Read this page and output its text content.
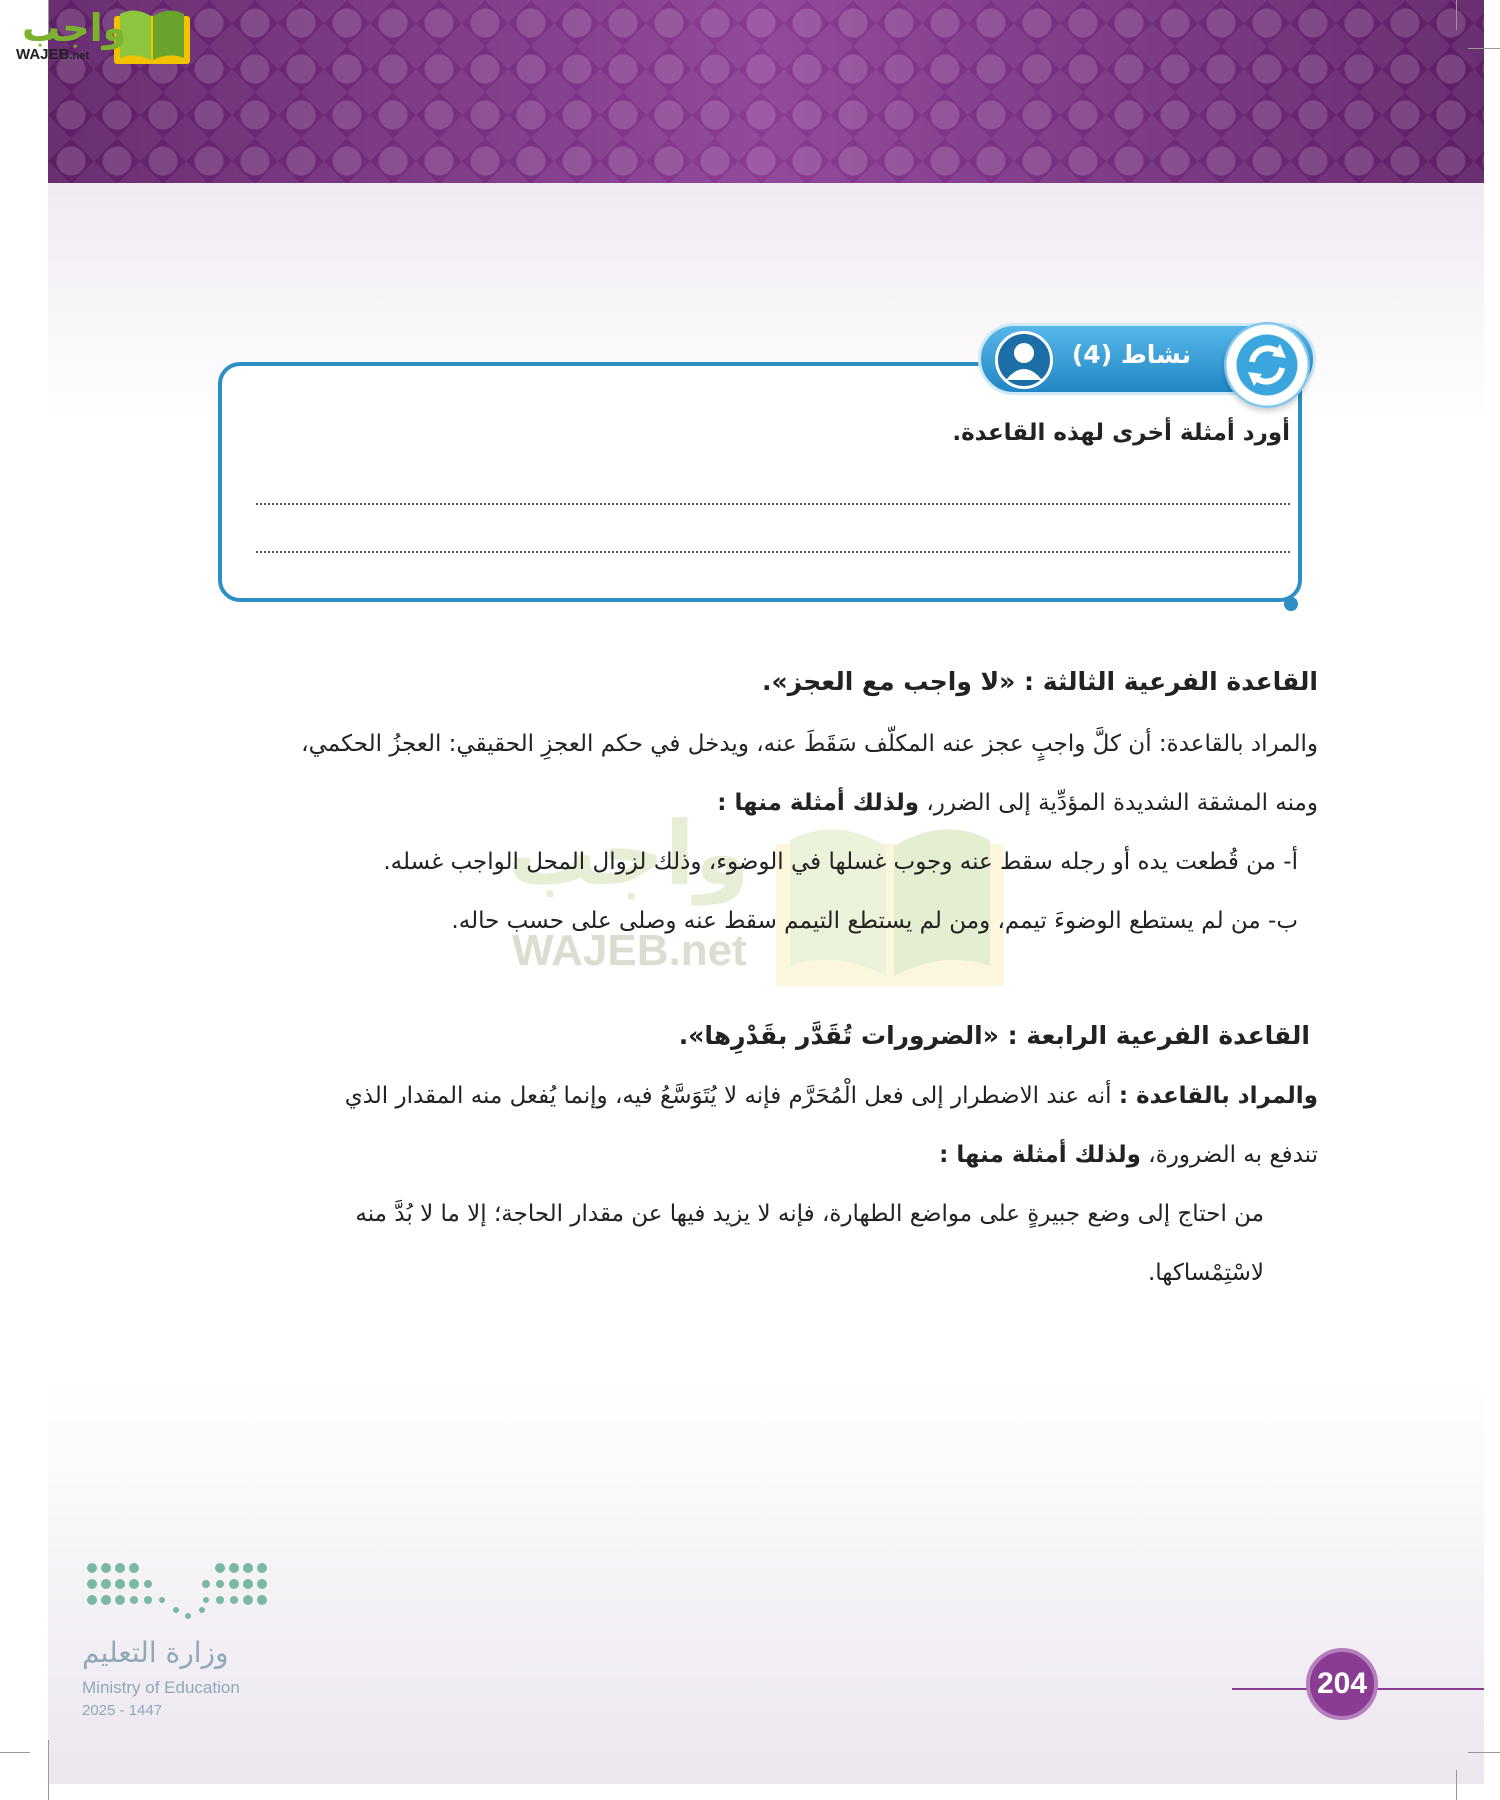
واجب
WAJEB.net
نشاط (4)
أورد أمثلة أخرى لهذه القاعدة.
واجب
WAJEB.net
القاعدة الفرعية الثالثة : «لا واجب مع العجز».
والمراد بالقاعدة: أن كلَّ واجبٍ عجز عنه المكلّف سَقَطَ عنه، ويدخل في حكم العجزِ الحقيقي: العجزُ الحكمي،
ومنه المشقة الشديدة المؤدِّية إلى الضرر، ولذلك أمثلة منها :
أ- من قُطعت يده أو رجله سقط عنه وجوب غسلها في الوضوء، وذلك لزوال المحل الواجب غسله.
ب- من لم يستطع الوضوءَ تيمم، ومن لم يستطع التيمم سقط عنه وصلى على حسب حاله.
القاعدة الفرعية الرابعة : «الضرورات تُقَدَّر بقَدْرِها».
والمراد بالقاعدة : أنه عند الاضطرار إلى فعل الْمُحَرَّم فإنه لا يُتَوَسَّعُ فيه، وإنما يُفعل منه المقدار الذي
تندفع به الضرورة، ولذلك أمثلة منها :
من احتاج إلى وضع جبيرةٍ على مواضع الطهارة، فإنه لا يزيد فيها عن مقدار الحاجة؛ إلا ما لا بُدَّ منه
لاسْتِمْساكها.
وزارة التعليم
Ministry of Education
2025 - 1447
204
